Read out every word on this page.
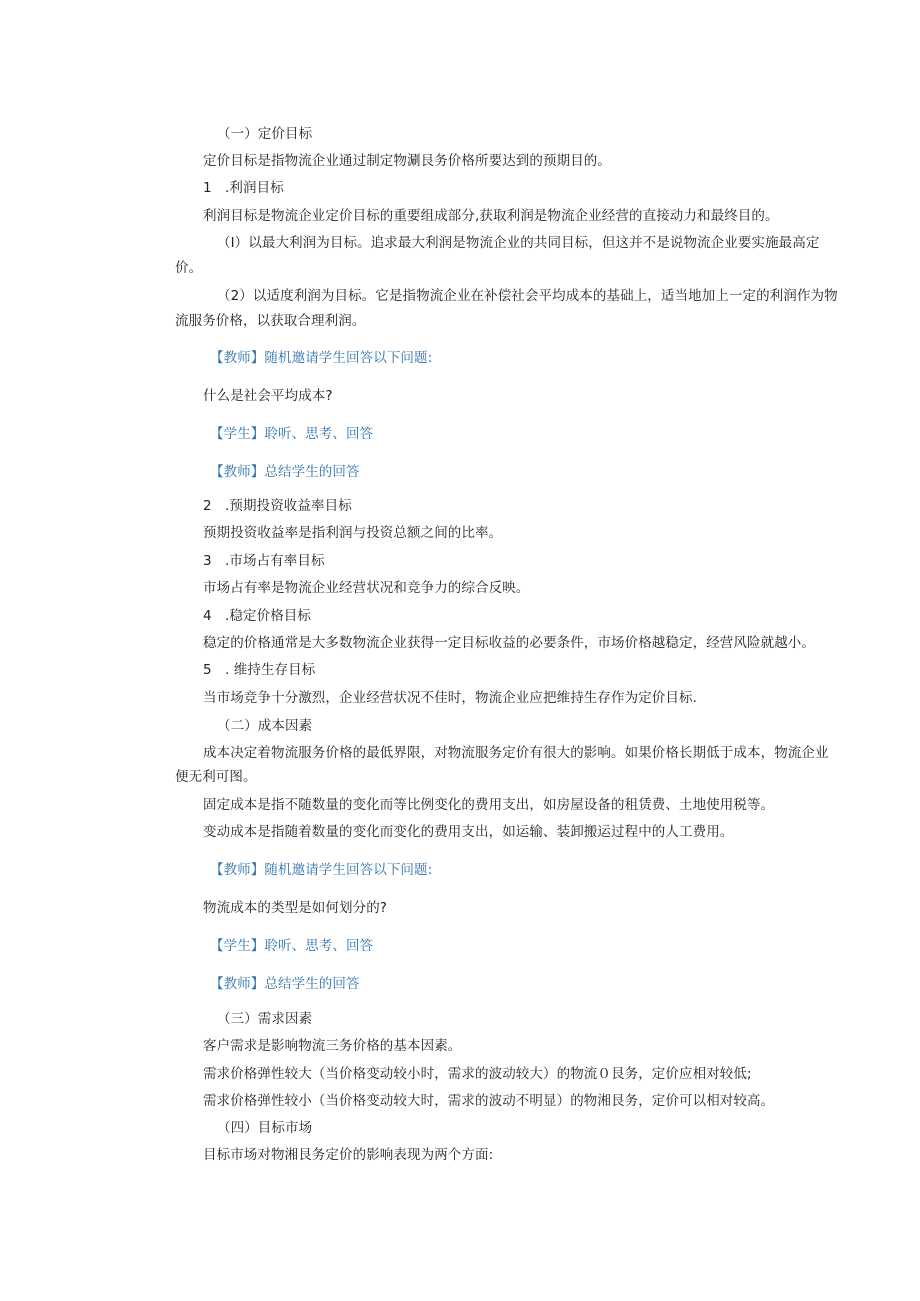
（一）定价目标
定价目标是指物流企业通过制定物涮艮务价格所要达到的预期目的。
1 .利润目标
利润目标是物流企业定价目标的重要组成部分,获取利润是物流企业经营的直接动力和最终目的。
（I）以最大利润为目标。追求最大利润是物流企业的共同目标，但这并不是说物流企业要实施最高定
价。
（2）以适度利润为目标。它是指物流企业在补偿社会平均成本的基础上，适当地加上一定的利润作为物
流服务价格，以获取合理利润。
【教师】随机邀请学生回答以下问题:
什么是社会平均成本?
【学生】聆听、思考、回答
【教师】总结学生的回答
2 .预期投资收益率目标
预期投资收益率是指利润与投资总额之间的比率。
3 .市场占有率目标
市场占有率是物流企业经营状况和竞争力的综合反映。
4 .稳定价格目标
稳定的价格通常是大多数物流企业获得一定目标收益的必要条件，市场价格越稳定，经营风险就越小。
5 . 维持生存目标
当市场竞争十分激烈，企业经营状况不佳时，物流企业应把维持生存作为定价目标.
（二）成本因素
成本决定着物流服务价格的最低界限，对物流服务定价有很大的影响。如果价格长期低于成本，物流企业
便无利可图。
固定成本是指不随数量的变化而等比例变化的费用支出，如房屋设备的租赁费、土地使用税等。
变动成本是指随着数量的变化而变化的费用支出，如运输、装卸搬运过程中的人工费用。
【教师】随机邀请学生回答以下问题:
物流成本的类型是如何划分的?
【学生】聆听、思考、回答
【教师】总结学生的回答
（三）需求因素
客户需求是影响物流三务价格的基本因素。
需求价格弹性较大（当价格变动较小时，需求的波动较大）的物流０艮务，定价应相对较低;
需求价格弹性较小（当价格变动较大时，需求的波动不明显）的物湘艮务，定价可以相对较高。
（四）目标市场
目标市场对物湘艮务定价的影响表现为两个方面:
